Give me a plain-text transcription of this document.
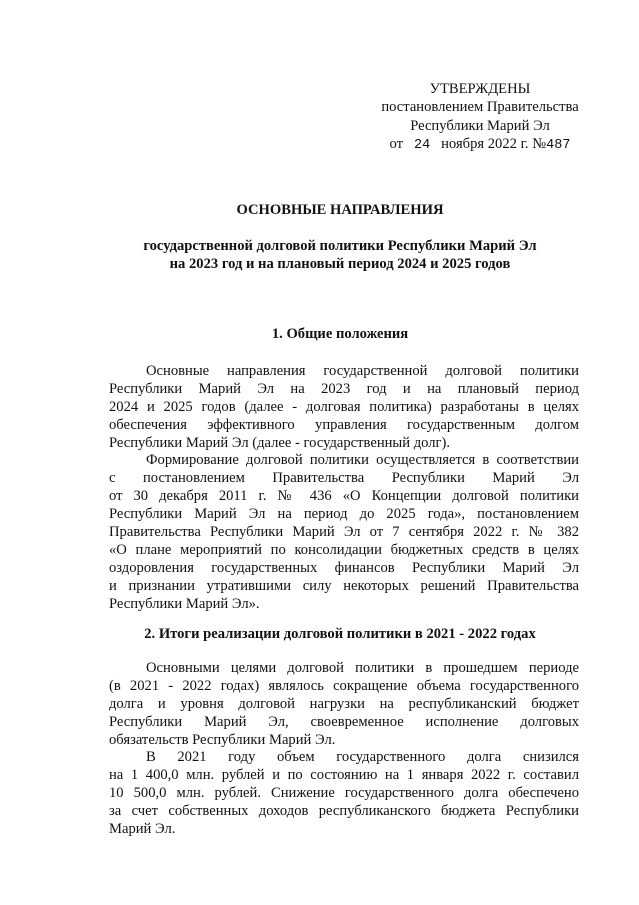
УТВЕРЖДЕНЫ
постановлением Правительства
Республики Марий Эл
от 24 ноября 2022 г. №487
ОСНОВНЫЕ НАПРАВЛЕНИЯ
государственной долговой политики Республики Марий Эл
на 2023 год и на плановый период 2024 и 2025 годов
1. Общие положения
Основные направления государственной долговой политики
Республики Марий Эл на 2023 год и на плановый период
2024 и 2025 годов (далее - долговая политика) разработаны в целях
обеспечения эффективного управления государственным долгом
Республики Марий Эл (далее - государственный долг).
Формирование долговой политики осуществляется в соответствии
с постановлением Правительства Республики Марий Эл
от 30 декабря 2011 г. № 436 «О Концепции долговой политики
Республики Марий Эл на период до 2025 года», постановлением
Правительства Республики Марий Эл от 7 сентября 2022 г. № 382
«О плане мероприятий по консолидации бюджетных средств в целях
оздоровления государственных финансов Республики Марий Эл
и признании утратившими силу некоторых решений Правительства
Республики Марий Эл».
2. Итоги реализации долговой политики в 2021 - 2022 годах
Основными целями долговой политики в прошедшем периоде
(в 2021 - 2022 годах) являлось сокращение объема государственного
долга и уровня долговой нагрузки на республиканский бюджет
Республики Марий Эл, своевременное исполнение долговых
обязательств Республики Марий Эл.
В 2021 году объем государственного долга снизился
на 1 400,0 млн. рублей и по состоянию на 1 января 2022 г. составил
10 500,0 млн. рублей. Снижение государственного долга обеспечено
за счет собственных доходов республиканского бюджета Республики
Марий Эл.
